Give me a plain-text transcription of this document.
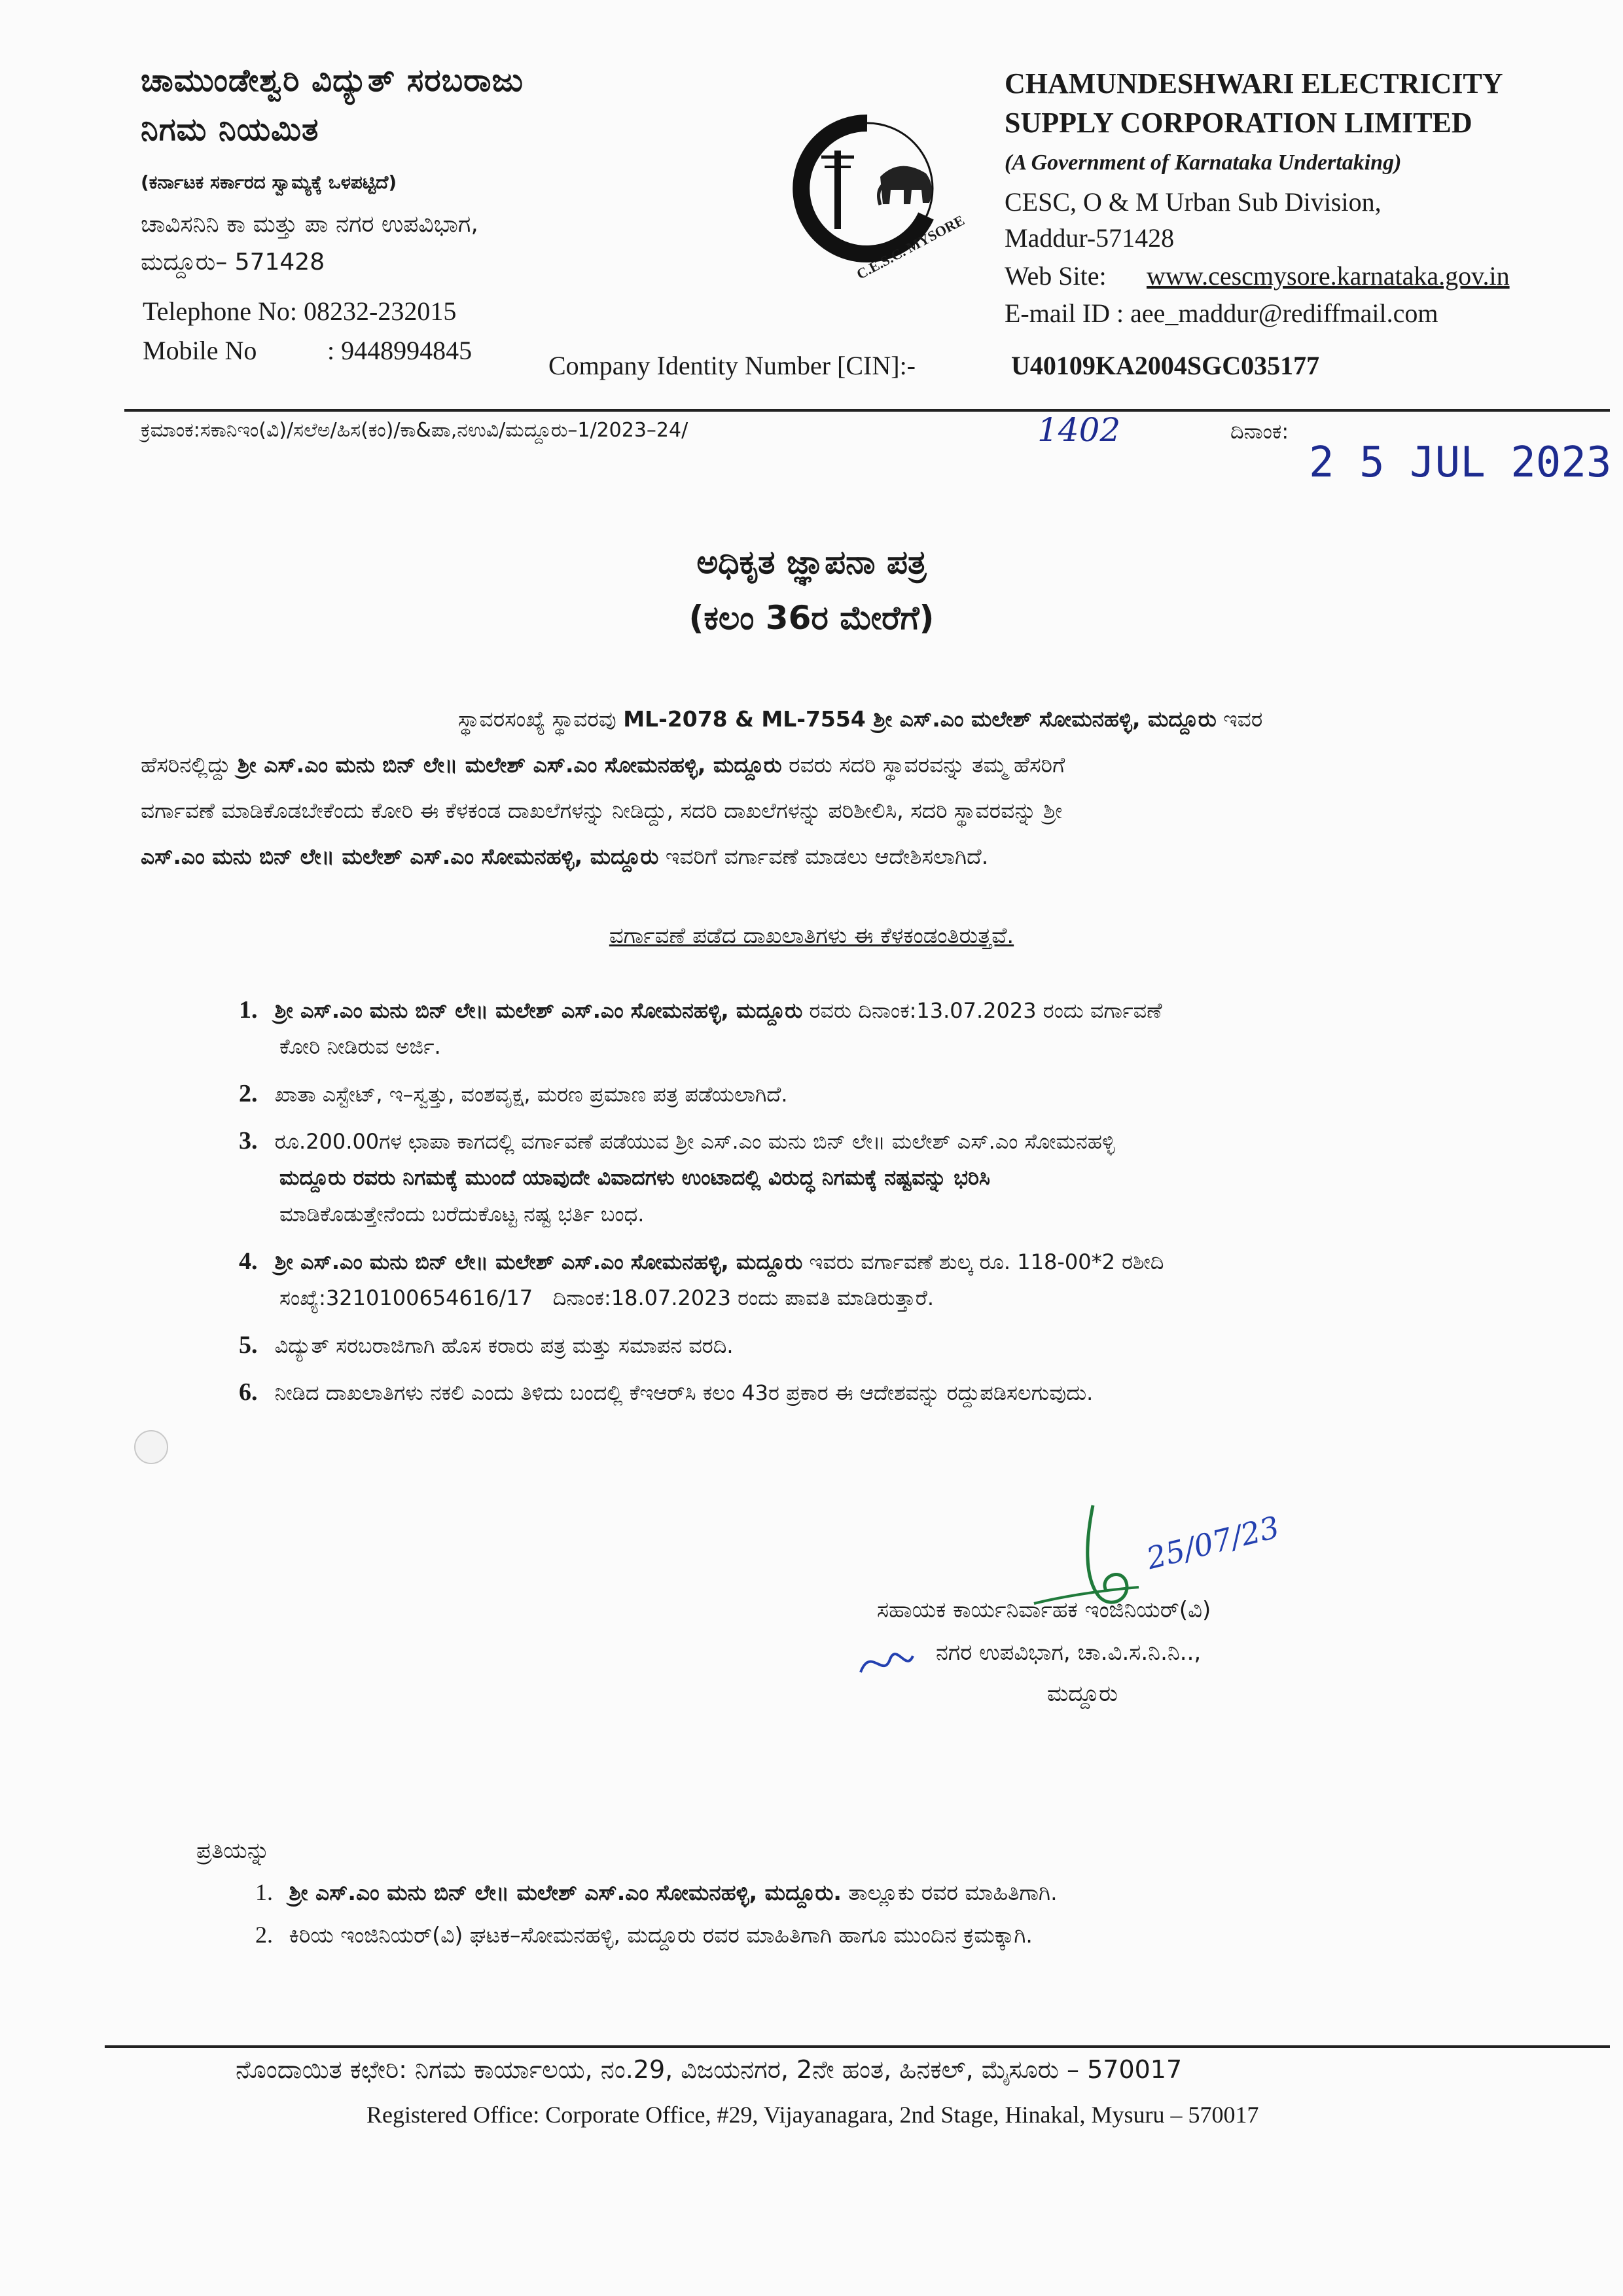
ಚಾಮುಂಡೇಶ್ವರಿ ವಿದ್ಯುತ್ ಸರಬರಾಜು
ನಿಗಮ ನಿಯಮಿತ
(ಕರ್ನಾಟಕ ಸರ್ಕಾರದ ಸ್ವಾಮ್ಯಕ್ಕೆ ಒಳಪಟ್ಟಿದೆ)
ಚಾವಿಸನಿನಿ ಕಾ ಮತ್ತು ಪಾ ನಗರ ಉಪವಿಭಾಗ,
ಮದ್ದೂರು– 571428
Telephone No: 08232-232015
Mobile No	: 9448994845
C.E.S.C. MYSORE
CHAMUNDESHWARI ELECTRICITY
SUPPLY CORPORATION LIMITED
(A Government of Karnataka Undertaking)
CESC, O & M Urban Sub Division,
Maddur-571428
Web Site: www.cescmysore.karnataka.gov.in
E-mail ID : aee_maddur@rediffmail.com
Company Identity Number [CIN]:-	U40109KA2004SGC035177
ಕ್ರಮಾಂಕ:ಸಕಾನಿಇಂ(ವಿ)/ಸಲೆಅ/ಹಿಸ(ಕಂ)/ಕಾ&ಪಾ,ನಉವಿ/ಮದ್ದೂರು–1/2023–24/	1402	ದಿನಾಂಕ:
2 5 JUL 2023
ಅಧಿಕೃತ ಜ್ಞಾಪನಾ ಪತ್ರ
(ಕಲಂ 36ರ ಮೇರೆಗೆ)
ಸ್ಥಾವರಸಂಖ್ಯೆ ಸ್ಥಾವರವು ML-2078 & ML-7554 ಶ್ರೀ ಎಸ್.ಎಂ ಮಲೇಶ್ ಸೋಮನಹಳ್ಳಿ, ಮದ್ದೂರು ಇವರ
ಹೆಸರಿನಲ್ಲಿದ್ದು ಶ್ರೀ ಎಸ್.ಎಂ ಮನು ಬಿನ್ ಲೇ॥ ಮಲೇಶ್ ಎಸ್.ಎಂ ಸೋಮನಹಳ್ಳಿ, ಮದ್ದೂರು ರವರು ಸದರಿ ಸ್ಥಾವರವನ್ನು ತಮ್ಮ ಹೆಸರಿಗೆ
ವರ್ಗಾವಣೆ ಮಾಡಿಕೊಡಬೇಕೆಂದು ಕೋರಿ ಈ ಕೆಳಕಂಡ ದಾಖಲೆಗಳನ್ನು ನೀಡಿದ್ದು, ಸದರಿ ದಾಖಲೆಗಳನ್ನು ಪರಿಶೀಲಿಸಿ, ಸದರಿ ಸ್ಥಾವರವನ್ನು ಶ್ರೀ
ಎಸ್.ಎಂ ಮನು ಬಿನ್ ಲೇ॥ ಮಲೇಶ್ ಎಸ್.ಎಂ ಸೋಮನಹಳ್ಳಿ, ಮದ್ದೂರು ಇವರಿಗೆ ವರ್ಗಾವಣೆ ಮಾಡಲು ಆದೇಶಿಸಲಾಗಿದೆ.
ವರ್ಗಾವಣೆ ಪಡೆದ ದಾಖಲಾತಿಗಳು ಈ ಕೆಳಕಂಡಂತಿರುತ್ತವೆ.
1. ಶ್ರೀ ಎಸ್.ಎಂ ಮನು ಬಿನ್ ಲೇ॥ ಮಲೇಶ್ ಎಸ್.ಎಂ ಸೋಮನಹಳ್ಳಿ, ಮದ್ದೂರು ರವರು ದಿನಾಂಕ:13.07.2023 ರಂದು ವರ್ಗಾವಣೆ
ಕೋರಿ ನೀಡಿರುವ ಅರ್ಜಿ.
2. ಖಾತಾ ಎಸ್ಟೇಟ್, ಇ–ಸ್ವತ್ತು, ವಂಶವೃಕ್ಷ, ಮರಣ ಪ್ರಮಾಣ ಪತ್ರ ಪಡೆಯಲಾಗಿದೆ.
3. ರೂ.200.00ಗಳ ಛಾಪಾ ಕಾಗದಲ್ಲಿ ವರ್ಗಾವಣೆ ಪಡೆಯುವ ಶ್ರೀ ಎಸ್.ಎಂ ಮನು ಬಿನ್ ಲೇ॥ ಮಲೇಶ್ ಎಸ್.ಎಂ ಸೋಮನಹಳ್ಳಿ
ಮದ್ದೂರು ರವರು ನಿಗಮಕ್ಕೆ ಮುಂದೆ ಯಾವುದೇ ವಿವಾದಗಳು ಉಂಟಾದಲ್ಲಿ ವಿರುದ್ಧ ನಿಗಮಕ್ಕೆ ನಷ್ಟವನ್ನು ಭರಿಸಿ
ಮಾಡಿಕೊಡುತ್ತೇನೆಂದು ಬರೆದುಕೊಟ್ಟ ನಷ್ಟ ಭರ್ತಿ ಬಂಧ.
4. ಶ್ರೀ ಎಸ್.ಎಂ ಮನು ಬಿನ್ ಲೇ॥ ಮಲೇಶ್ ಎಸ್.ಎಂ ಸೋಮನಹಳ್ಳಿ, ಮದ್ದೂರು ಇವರು ವರ್ಗಾವಣೆ ಶುಲ್ಕ ರೂ. 118-00*2 ರಶೀದಿ
ಸಂಖ್ಯೆ:3210100654616/17   ದಿನಾಂಕ:18.07.2023 ರಂದು ಪಾವತಿ ಮಾಡಿರುತ್ತಾರೆ.
5. ವಿದ್ಯುತ್ ಸರಬರಾಜಿಗಾಗಿ ಹೊಸ ಕರಾರು ಪತ್ರ ಮತ್ತು ಸಮಾಪನ ವರದಿ.
6. ನೀಡಿದ ದಾಖಲಾತಿಗಳು ನಕಲಿ ಎಂದು ತಿಳಿದು ಬಂದಲ್ಲಿ ಕೆಇಆರ್‌ಸಿ ಕಲಂ 43ರ ಪ್ರಕಾರ ಈ ಆದೇಶವನ್ನು ರದ್ದುಪಡಿಸಲಗುವುದು.
25/07/23
ಸಹಾಯಕ ಕಾರ್ಯನಿರ್ವಾಹಕ ಇಂಜಿನಿಯರ್(ವಿ)
ನಗರ ಉಪವಿಭಾಗ, ಚಾ.ವಿ.ಸ.ನಿ.ನಿ..,
ಮದ್ದೂರು
ಪ್ರತಿಯನ್ನು
1. ಶ್ರೀ ಎಸ್.ಎಂ ಮನು ಬಿನ್ ಲೇ॥ ಮಲೇಶ್ ಎಸ್.ಎಂ ಸೋಮನಹಳ್ಳಿ, ಮದ್ದೂರು. ತಾಲ್ಲೂಕು ರವರ ಮಾಹಿತಿಗಾಗಿ.
2. ಕಿರಿಯ ಇಂಜಿನಿಯರ್(ವಿ) ಘಟಕ–ಸೋಮನಹಳ್ಳಿ, ಮದ್ದೂರು ರವರ ಮಾಹಿತಿಗಾಗಿ ಹಾಗೂ ಮುಂದಿನ ಕ್ರಮಕ್ಕಾಗಿ.
ನೊಂದಾಯಿತ ಕಛೇರಿ: ನಿಗಮ ಕಾರ್ಯಾಲಯ, ನಂ.29, ವಿಜಯನಗರ, 2ನೇ ಹಂತ, ಹಿನಕಲ್, ಮೈಸೂರು – 570017
Registered Office: Corporate Office, #29, Vijayanagara, 2nd Stage, Hinakal, Mysuru – 570017
